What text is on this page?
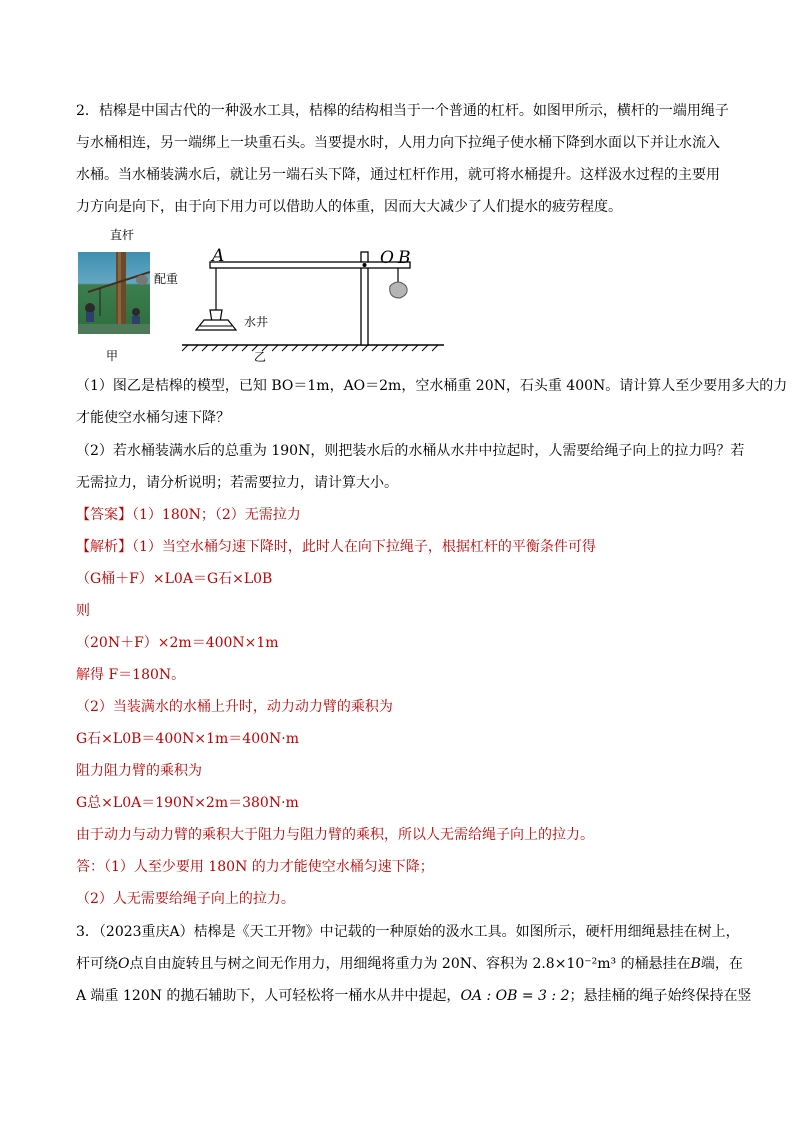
2．桔槔是中国古代的一种汲水工具，桔槔的结构相当于一个普通的杠杆。如图甲所示，横杆的一端用绳子
与水桶相连，另一端绑上一块重石头。当要提水时，人用力向下拉绳子使水桶下降到水面以下并让水流入
水桶。当水桶装满水后，就让另一端石头下降，通过杠杆作用，就可将水桶提升。这样汲水过程的主要用
力方向是向下，由于向下用力可以借助人的体重，因而大大减少了人们提水的疲劳程度。
直杆
配重
甲
A	O B
水井
乙
（1）图乙是桔槔的模型，已知 BO＝1m，AO＝2m，空水桶重 20N，石头重 400N。请计算人至少要用多大的力
才能使空水桶匀速下降？
（2）若水桶装满水后的总重为 190N，则把装水后的水桶从水井中拉起时，人需要给绳子向上的拉力吗？若
无需拉力，请分析说明；若需要拉力，请计算大小。
【答案】（1）180N；（2）无需拉力
【解析】（1）当空水桶匀速下降时，此时人在向下拉绳子，根据杠杆的平衡条件可得
（G桶＋F）×L0A＝G石×L0B
则
（20N＋F）×2m＝400N×1m
解得 F＝180N。
（2）当装满水的水桶上升时，动力动力臂的乘积为
G石×L0B＝400N×1m＝400N·m
阻力阻力臂的乘积为
G总×L0A＝190N×2m＝380N·m
由于动力与动力臂的乘积大于阻力与阻力臂的乘积，所以人无需给绳子向上的拉力。
答：（1）人至少要用 180N 的力才能使空水桶匀速下降；
（2）人无需要给绳子向上的拉力。
3．（2023重庆A）桔槔是《天工开物》中记载的一种原始的汲水工具。如图所示，硬杆用细绳悬挂在树上，
杆可绕O点自由旋转且与树之间无作用力，用细绳将重力为 20N、容积为 2.8×10⁻²m³ 的桶悬挂在B端，在
A 端重 120N 的拋石辅助下，人可轻松将一桶水从井中提起，OA : OB = 3 : 2；悬挂桶的绳子始终保持在竖
